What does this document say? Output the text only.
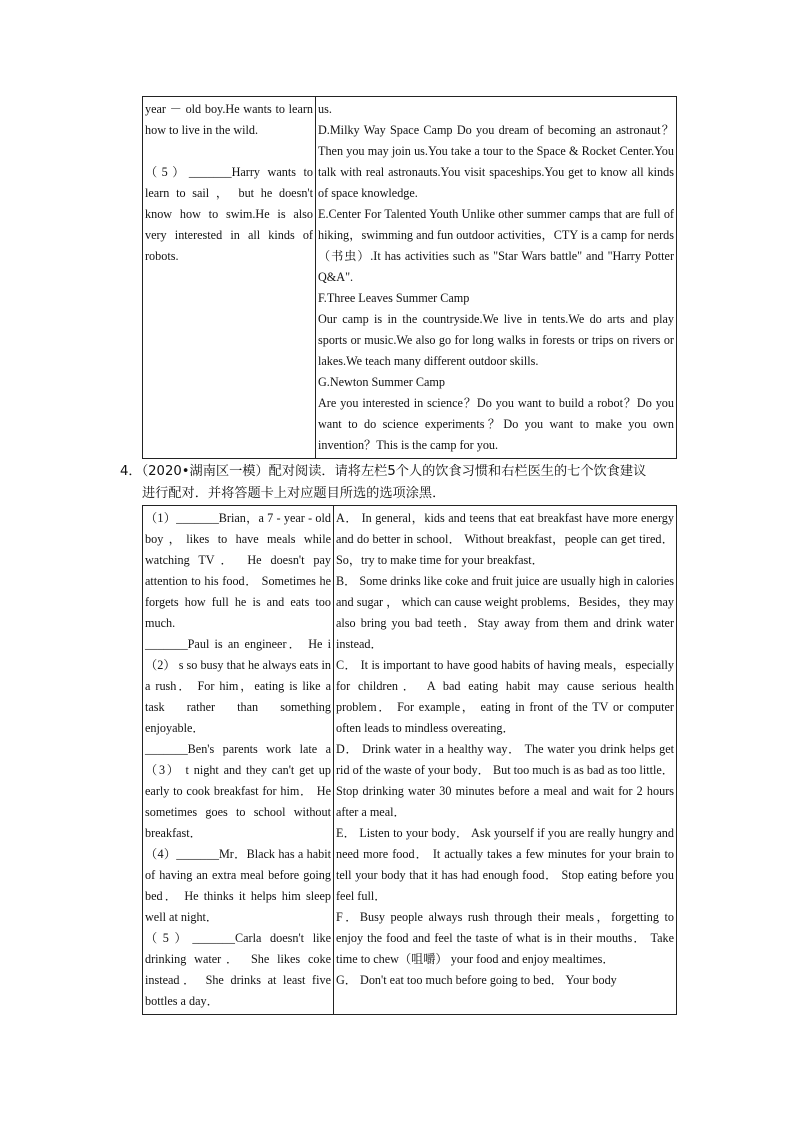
year － old boy.He wants to learn how to live in the wild.
（5）_______Harry wants to learn to sail ， but he doesn't know how to swim.He is also very interested in all kinds of robots.

us.
D.Milky Way Space Camp Do you dream of becoming an astronaut？ Then you may join us.You take a tour to the Space & Rocket Center.You talk with real astronauts.You visit spaceships.You get to know all kinds of space knowledge.
E.Center For Talented Youth Unlike other summer camps that are full of hiking，swimming and fun outdoor activities，CTY is a camp for nerds（书虫）.It has activities such as "Star Wars battle" and "Harry Potter Q&A".
F.Three Leaves Summer Camp
Our camp is in the countryside.We live in tents.We do arts and play sports or music.We also go for long walks in forests or trips on rivers or lakes.We teach many different outdoor skills.
G.Newton Summer Camp
Are you interested in science？Do you want to build a robot？Do you want to do science experiments？Do you want to make you own invention？This is the camp for you.
4．（2020•湖南区一模）配对阅读．请将左栏5个人的饮食习惯和右栏医生的七个饮食建议
进行配对．并将答题卡上对应题目所选的选项涂黑．
（1）_______Brian，a 7 - year - old boy，likes to have meals while watching TV． He doesn't pay attention to his food． Sometimes he forgets how full he is and eats too much.
_______Paul is an engineer． He i（2） s so busy that he always eats in a rush． For him，eating is like a task rather than something enjoyable．
_______Ben's parents work late a（3） t night and they can't get up early to cook breakfast for him． He sometimes goes to school without breakfast．
（4）_______Mr．Black has a habit of having an extra meal before going bed． He thinks it helps him sleep well at night．
（5）_______Carla doesn't like drinking water． She likes coke instead． She drinks at least five bottles a day．

A． In general，kids and teens that eat breakfast have more energy and do better in school． Without breakfast，people can get tired． So，try to make time for your breakfast．
B． Some drinks like coke and fruit juice are usually high in calories and sugar ， which can cause weight problems．Besides，they may also bring you bad teeth．Stay away from them and drink water instead．
C． It is important to have good habits of having meals，especially for children． A bad eating habit may cause serious health problem． For example， eating in front of the TV or computer often leads to mindless overeating．
D． Drink water in a healthy way． The water you drink helps get rid of the waste of your body． But too much is as bad as too little． Stop drinking water 30 minutes before a meal and wait for 2 hours after a meal．
E． Listen to your body． Ask yourself if you are really hungry and need more food． It actually takes a few minutes for your brain to tell your body that it has had enough food． Stop eating before you feel full．
F．Busy people always rush through their meals，forgetting to enjoy the food and feel the taste of what is in their mouths． Take time to chew（咀嚼） your food and enjoy mealtimes．
G． Don't eat too much before going to bed． Your body
